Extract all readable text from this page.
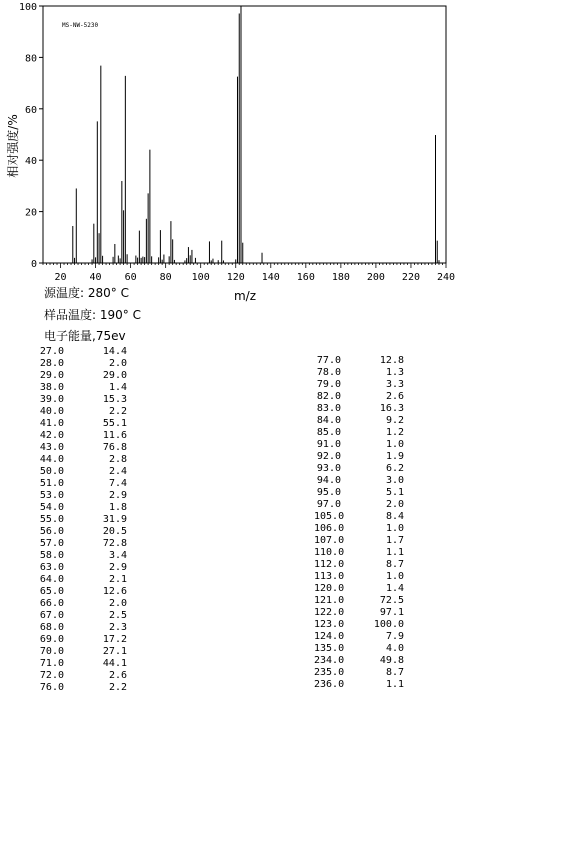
MS-NW-5230
0
20
40
60
80
100
20 40 60 80 100 120 140 160 180 200 220 240
相对强度/%
m/z
源温度: 280° C
样品温度: 190° C
电子能量,75ev
27.0	14.4
28.0	2.0
29.0	29.0
38.0	1.4
39.0	15.3
40.0	2.2
41.0	55.1
42.0	11.6
43.0	76.8
44.0	2.8
50.0	2.4
51.0	7.4
53.0	2.9
54.0	1.8
55.0	31.9
56.0	20.5
57.0	72.8
58.0	3.4
63.0	2.9
64.0	2.1
65.0	12.6
66.0	2.0
67.0	2.5
68.0	2.3
69.0	17.2
70.0	27.1
71.0	44.1
72.0	2.6
76.0	2.2
77.0	12.8
78.0	1.3
79.0	3.3
82.0	2.6
83.0	16.3
84.0	9.2
85.0	1.2
91.0	1.0
92.0	1.9
93.0	6.2
94.0	3.0
95.0	5.1
97.0	2.0
105.0	8.4
106.0	1.0
107.0	1.7
110.0	1.1
112.0	8.7
113.0	1.0
120.0	1.4
121.0	72.5
122.0	97.1
123.0	100.0
124.0	7.9
135.0	4.0
234.0	49.8
235.0	8.7
236.0	1.1
